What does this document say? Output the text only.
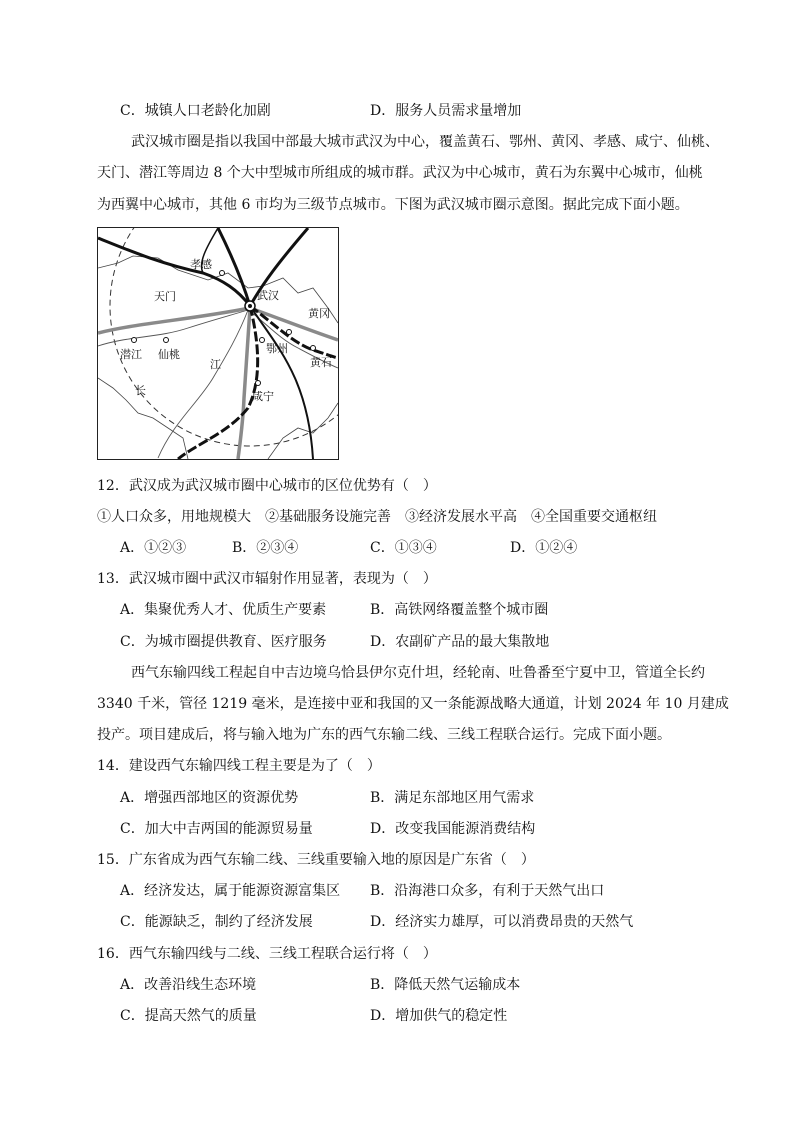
C．城镇人口老龄化加剧	D．服务人员需求量增加
武汉城市圈是指以我国中部最大城市武汉为中心，覆盖黄石、鄂州、黄冈、孝感、咸宁、仙桃、
天门、潜江等周边 8 个大中型城市所组成的城市群。武汉为中心城市，黄石为东翼中心城市，仙桃
为西翼中心城市，其他 6 市均为三级节点城市。下图为武汉城市圈示意图。据此完成下面小题。
孝感
天门	武汉
黄冈
潜江 仙桃
江
鄂州
黄石
长	咸宁
12．武汉成为武汉城市圈中心城市的区位优势有（　）
①人口众多，用地规模大　②基础服务设施完善　③经济发展水平高　④全国重要交通枢纽
A．①②③	B．②③④	C．①③④	D．①②④
13．武汉城市圈中武汉市辐射作用显著，表现为（　）
A．集聚优秀人才、优质生产要素	B．高铁网络覆盖整个城市圈
C．为城市圈提供教育、医疗服务	D．农副矿产品的最大集散地
西气东输四线工程起自中吉边境乌恰县伊尔克什坦，经轮南、吐鲁番至宁夏中卫，管道全长约
3340 千米，管径 1219 毫米，是连接中亚和我国的又一条能源战略大通道，计划 2024 年 10 月建成
投产。项目建成后，将与输入地为广东的西气东输二线、三线工程联合运行。完成下面小题。
14．建设西气东输四线工程主要是为了（　）
A．增强西部地区的资源优势	B．满足东部地区用气需求
C．加大中吉两国的能源贸易量	D．改变我国能源消费结构
15．广东省成为西气东输二线、三线重要输入地的原因是广东省（　）
A．经济发达，属于能源资源富集区 B．沿海港口众多，有利于天然气出口
C．能源缺乏，制约了经济发展	D．经济实力雄厚，可以消费昂贵的天然气
16．西气东输四线与二线、三线工程联合运行将（　）
A．改善沿线生态环境	B．降低天然气运输成本
C．提高天然气的质量	D．增加供气的稳定性
